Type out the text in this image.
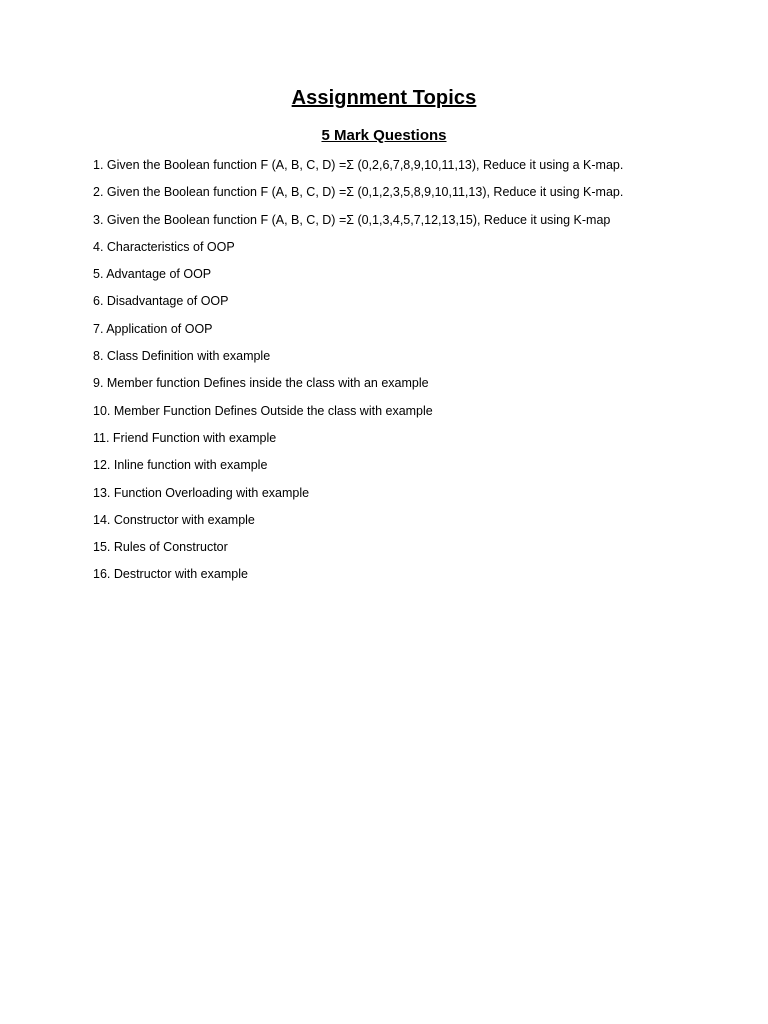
Assignment Topics
5 Mark Questions
1. Given the Boolean function F (A, B, C, D) =Σ (0,2,6,7,8,9,10,11,13), Reduce it using a K-map.
2. Given the Boolean function F (A, B, C, D) =Σ (0,1,2,3,5,8,9,10,11,13), Reduce it using K-map.
3. Given the Boolean function F (A, B, C, D) =Σ (0,1,3,4,5,7,12,13,15), Reduce it using K-map
4. Characteristics of OOP
5. Advantage of OOP
6. Disadvantage of OOP
7. Application of OOP
8. Class Definition with example
9. Member function Defines inside the class with an example
10. Member Function Defines Outside the class with example
11. Friend Function with example
12. Inline function with example
13. Function Overloading with example
14. Constructor with example
15. Rules of Constructor
16. Destructor with example
